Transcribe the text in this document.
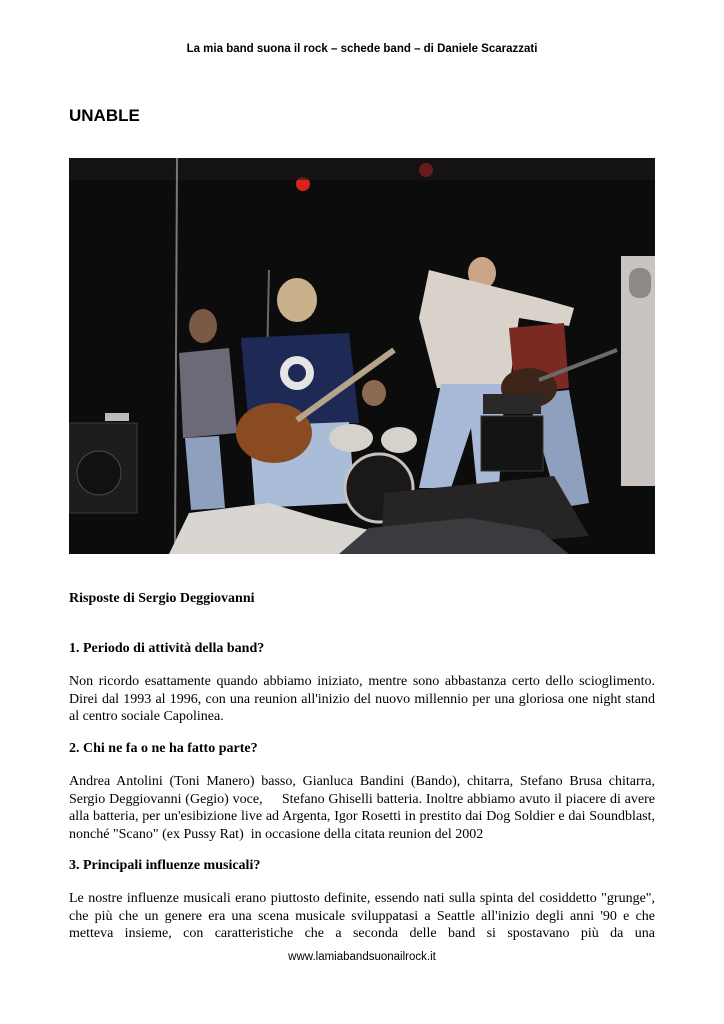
La mia band suona il rock – schede band – di Daniele Scarazzati
UNABLE
Risposte di Sergio Deggiovanni
1. Periodo di attività della band?
Non ricordo esattamente quando abbiamo iniziato, mentre sono abbastanza certo dello scioglimento. Direi dal 1993 al 1996, con una reunion all'inizio del nuovo millennio per una gloriosa one night stand al centro sociale Capolinea.
2. Chi ne fa o ne ha fatto parte?
Andrea Antolini (Toni Manero) basso, Gianluca Bandini (Bando), chitarra, Stefano Brusa chitarra, Sergio Deggiovanni (Gegio) voce,     Stefano Ghiselli batteria. Inoltre abbiamo avuto il piacere di avere alla batteria, per un'esibizione live ad Argenta, Igor Rosetti in prestito dai Dog Soldier e dai Soundblast, nonché "Scano" (ex Pussy Rat)  in occasione della citata reunion del 2002
3. Principali influenze musicali?
Le nostre influenze musicali erano piuttosto definite, essendo nati sulla spinta del cosiddetto "grunge", che più che un genere era una scena musicale sviluppatasi a Seattle all'inizio degli anni '90 e che metteva insieme, con caratteristiche che a seconda delle band si spostavano più da una
www.lamiabandsuonailrock.it
